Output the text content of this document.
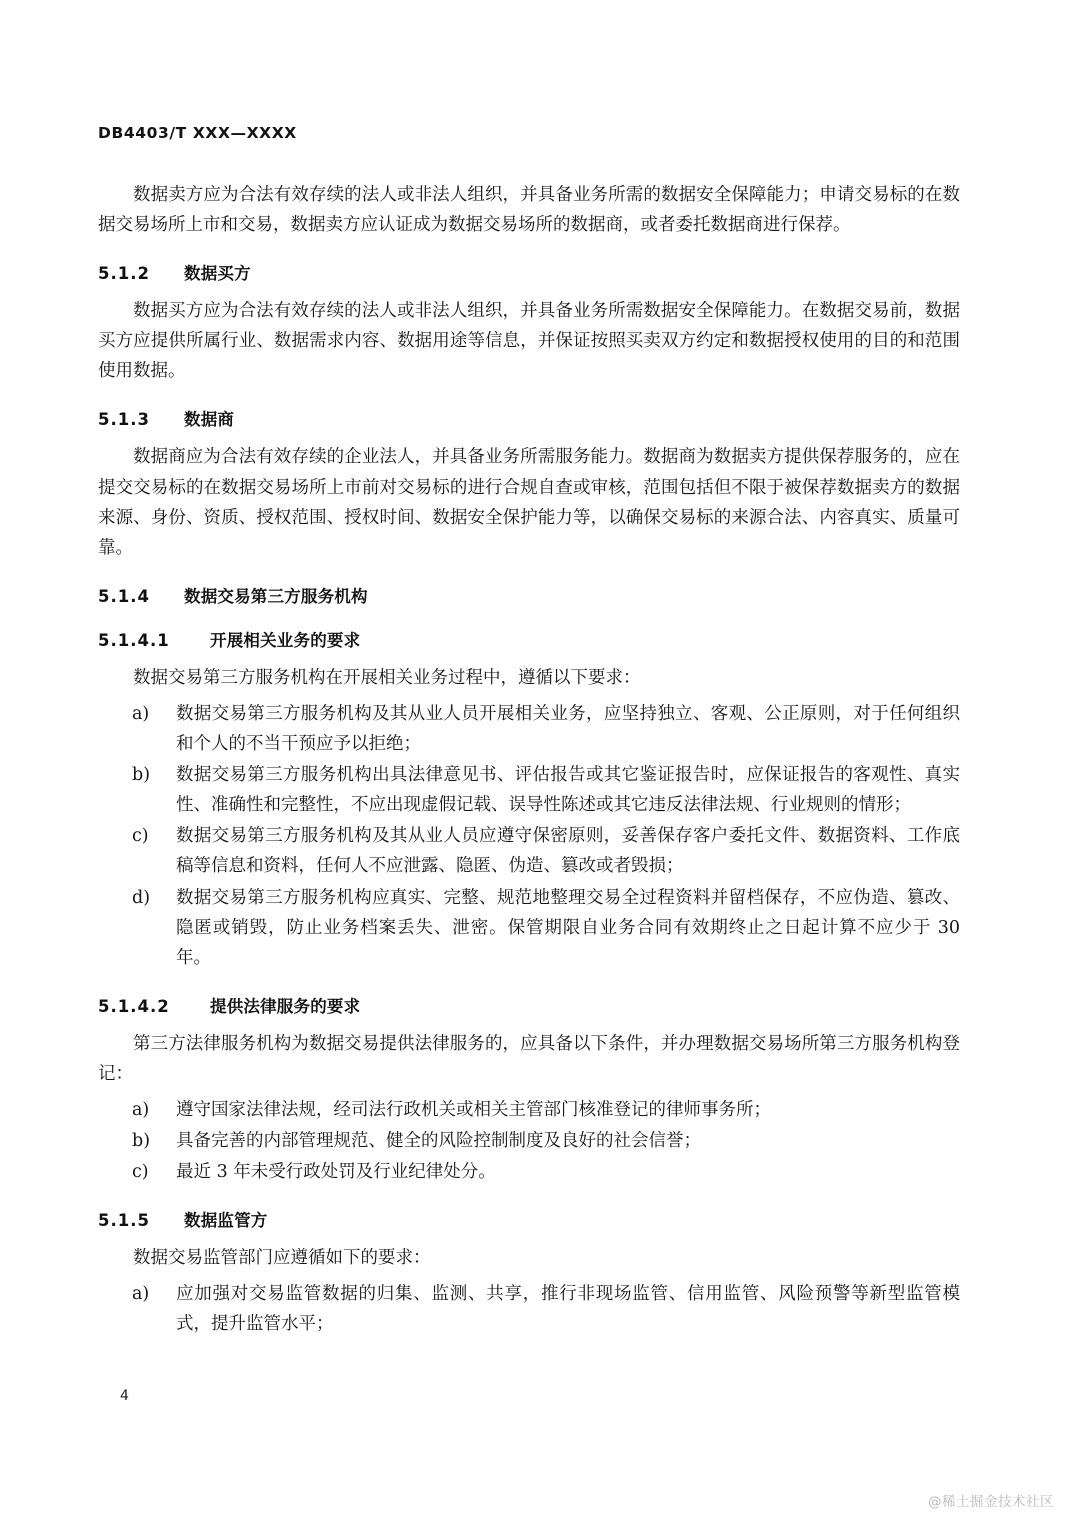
DB4403/T XXX—XXXX

数据卖方应为合法有效存续的法人或非法人组织，并具备业务所需的数据安全保障能力；申请交易标的在数据交易场所上市和交易，数据卖方应认证成为数据交易场所的数据商，或者委托数据商进行保荐。

5.1.2 数据买方

数据买方应为合法有效存续的法人或非法人组织，并具备业务所需数据安全保障能力。在数据交易前，数据买方应提供所属行业、数据需求内容、数据用途等信息，并保证按照买卖双方约定和数据授权使用的目的和范围使用数据。

5.1.3 数据商

数据商应为合法有效存续的企业法人，并具备业务所需服务能力。数据商为数据卖方提供保荐服务的，应在提交交易标的在数据交易场所上市前对交易标的进行合规自查或审核，范围包括但不限于被保荐数据卖方的数据来源、身份、资质、授权范围、授权时间、数据安全保护能力等，以确保交易标的来源合法、内容真实、质量可靠。

5.1.4 数据交易第三方服务机构
5.1.4.1 开展相关业务的要求

数据交易第三方服务机构在开展相关业务过程中，遵循以下要求：

a)	数据交易第三方服务机构及其从业人员开展相关业务，应坚持独立、客观、公正原则，对于任何组织和个人的不当干预应予以拒绝；
b)	数据交易第三方服务机构出具法律意见书、评估报告或其它鉴证报告时，应保证报告的客观性、真实性、准确性和完整性，不应出现虚假记载、误导性陈述或其它违反法律法规、行业规则的情形；
c)	数据交易第三方服务机构及其从业人员应遵守保密原则，妥善保存客户委托文件、数据资料、工作底稿等信息和资料，任何人不应泄露、隐匿、伪造、篡改或者毁损；
d)	数据交易第三方服务机构应真实、完整、规范地整理交易全过程资料并留档保存，不应伪造、篡改、隐匿或销毁，防止业务档案丢失、泄密。保管期限自业务合同有效期终止之日起计算不应少于 30 年。
5.1.4.2 提供法律服务的要求

第三方法律服务机构为数据交易提供法律服务的，应具备以下条件，并办理数据交易场所第三方服务机构登记：

a)	遵守国家法律法规，经司法行政机关或相关主管部门核准登记的律师事务所；
b)	具备完善的内部管理规范、健全的风险控制制度及良好的社会信誉；
c)	最近 3 年未受行政处罚及行业纪律处分。
5.1.5 数据监管方

数据交易监管部门应遵循如下的要求：

a)	应加强对交易监管数据的归集、监测、共享，推行非现场监管、信用监管、风险预警等新型监管模式，提升监管水平；
4
@稀土掘金技术社区
